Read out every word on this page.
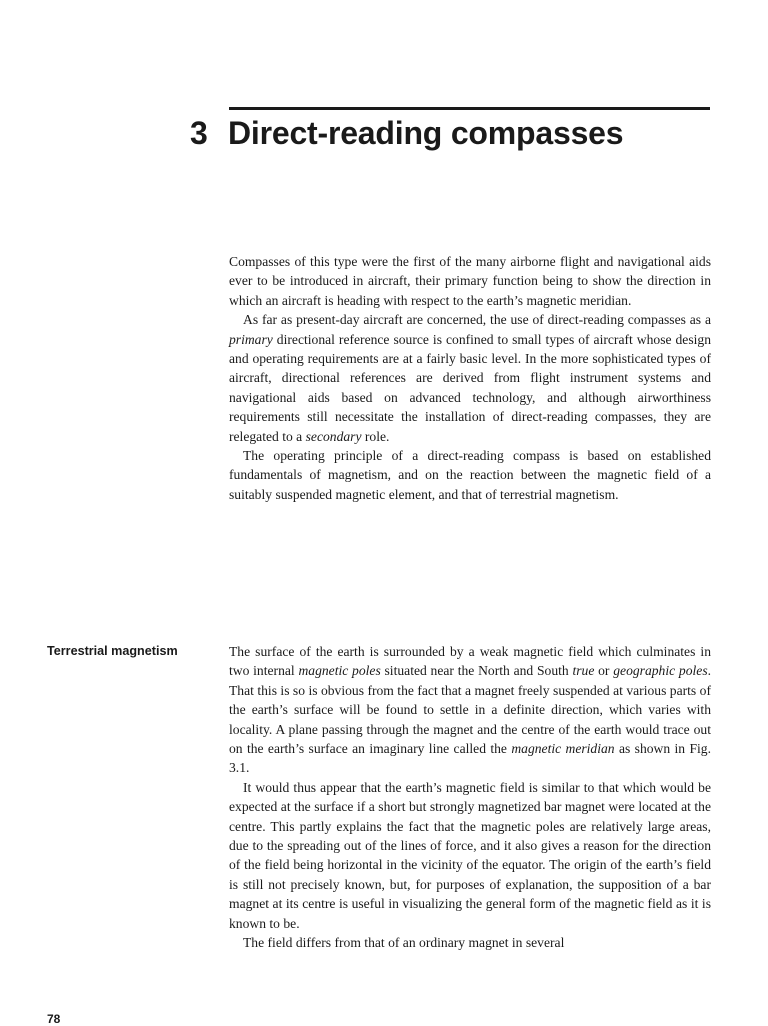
3 Direct-reading compasses

Compasses of this type were the first of the many airborne flight and navigational aids ever to be introduced in aircraft, their primary function being to show the direction in which an aircraft is heading with respect to the earth’s magnetic meridian.

As far as present-day aircraft are concerned, the use of direct-reading compasses as a primary directional reference source is confined to small types of aircraft whose design and operating requirements are at a fairly basic level. In the more sophisticated types of aircraft, directional references are derived from flight instrument systems and navigational aids based on advanced technology, and although airworthiness requirements still necessitate the installation of direct-reading compasses, they are relegated to a secondary role.

The operating principle of a direct-reading compass is based on established fundamentals of magnetism, and on the reaction between the magnetic field of a suitably suspended magnetic element, and that of terrestrial magnetism.

Terrestrial magnetism	The surface of the earth is surrounded by a weak magnetic field which culminates in two internal magnetic poles situated near the North and South true or geographic poles. That this is so is obvious from the fact that a magnet freely suspended at various parts of the earth’s surface will be found to settle in a definite direction, which varies with locality. A plane passing through the magnet and the centre of the earth would trace out on the earth’s surface an imaginary line called the magnetic meridian as shown in Fig. 3.1.

It would thus appear that the earth’s magnetic field is similar to that which would be expected at the surface if a short but strongly magnetized bar magnet were located at the centre. This partly explains the fact that the magnetic poles are relatively large areas, due to the spreading out of the lines of force, and it also gives a reason for the direction of the field being horizontal in the vicinity of the equator. The origin of the earth’s field is still not precisely known, but, for purposes of explanation, the supposition of a bar magnet at its centre is useful in visualizing the general form of the magnetic field as it is known to be.

The field differs from that of an ordinary magnet in several

78
